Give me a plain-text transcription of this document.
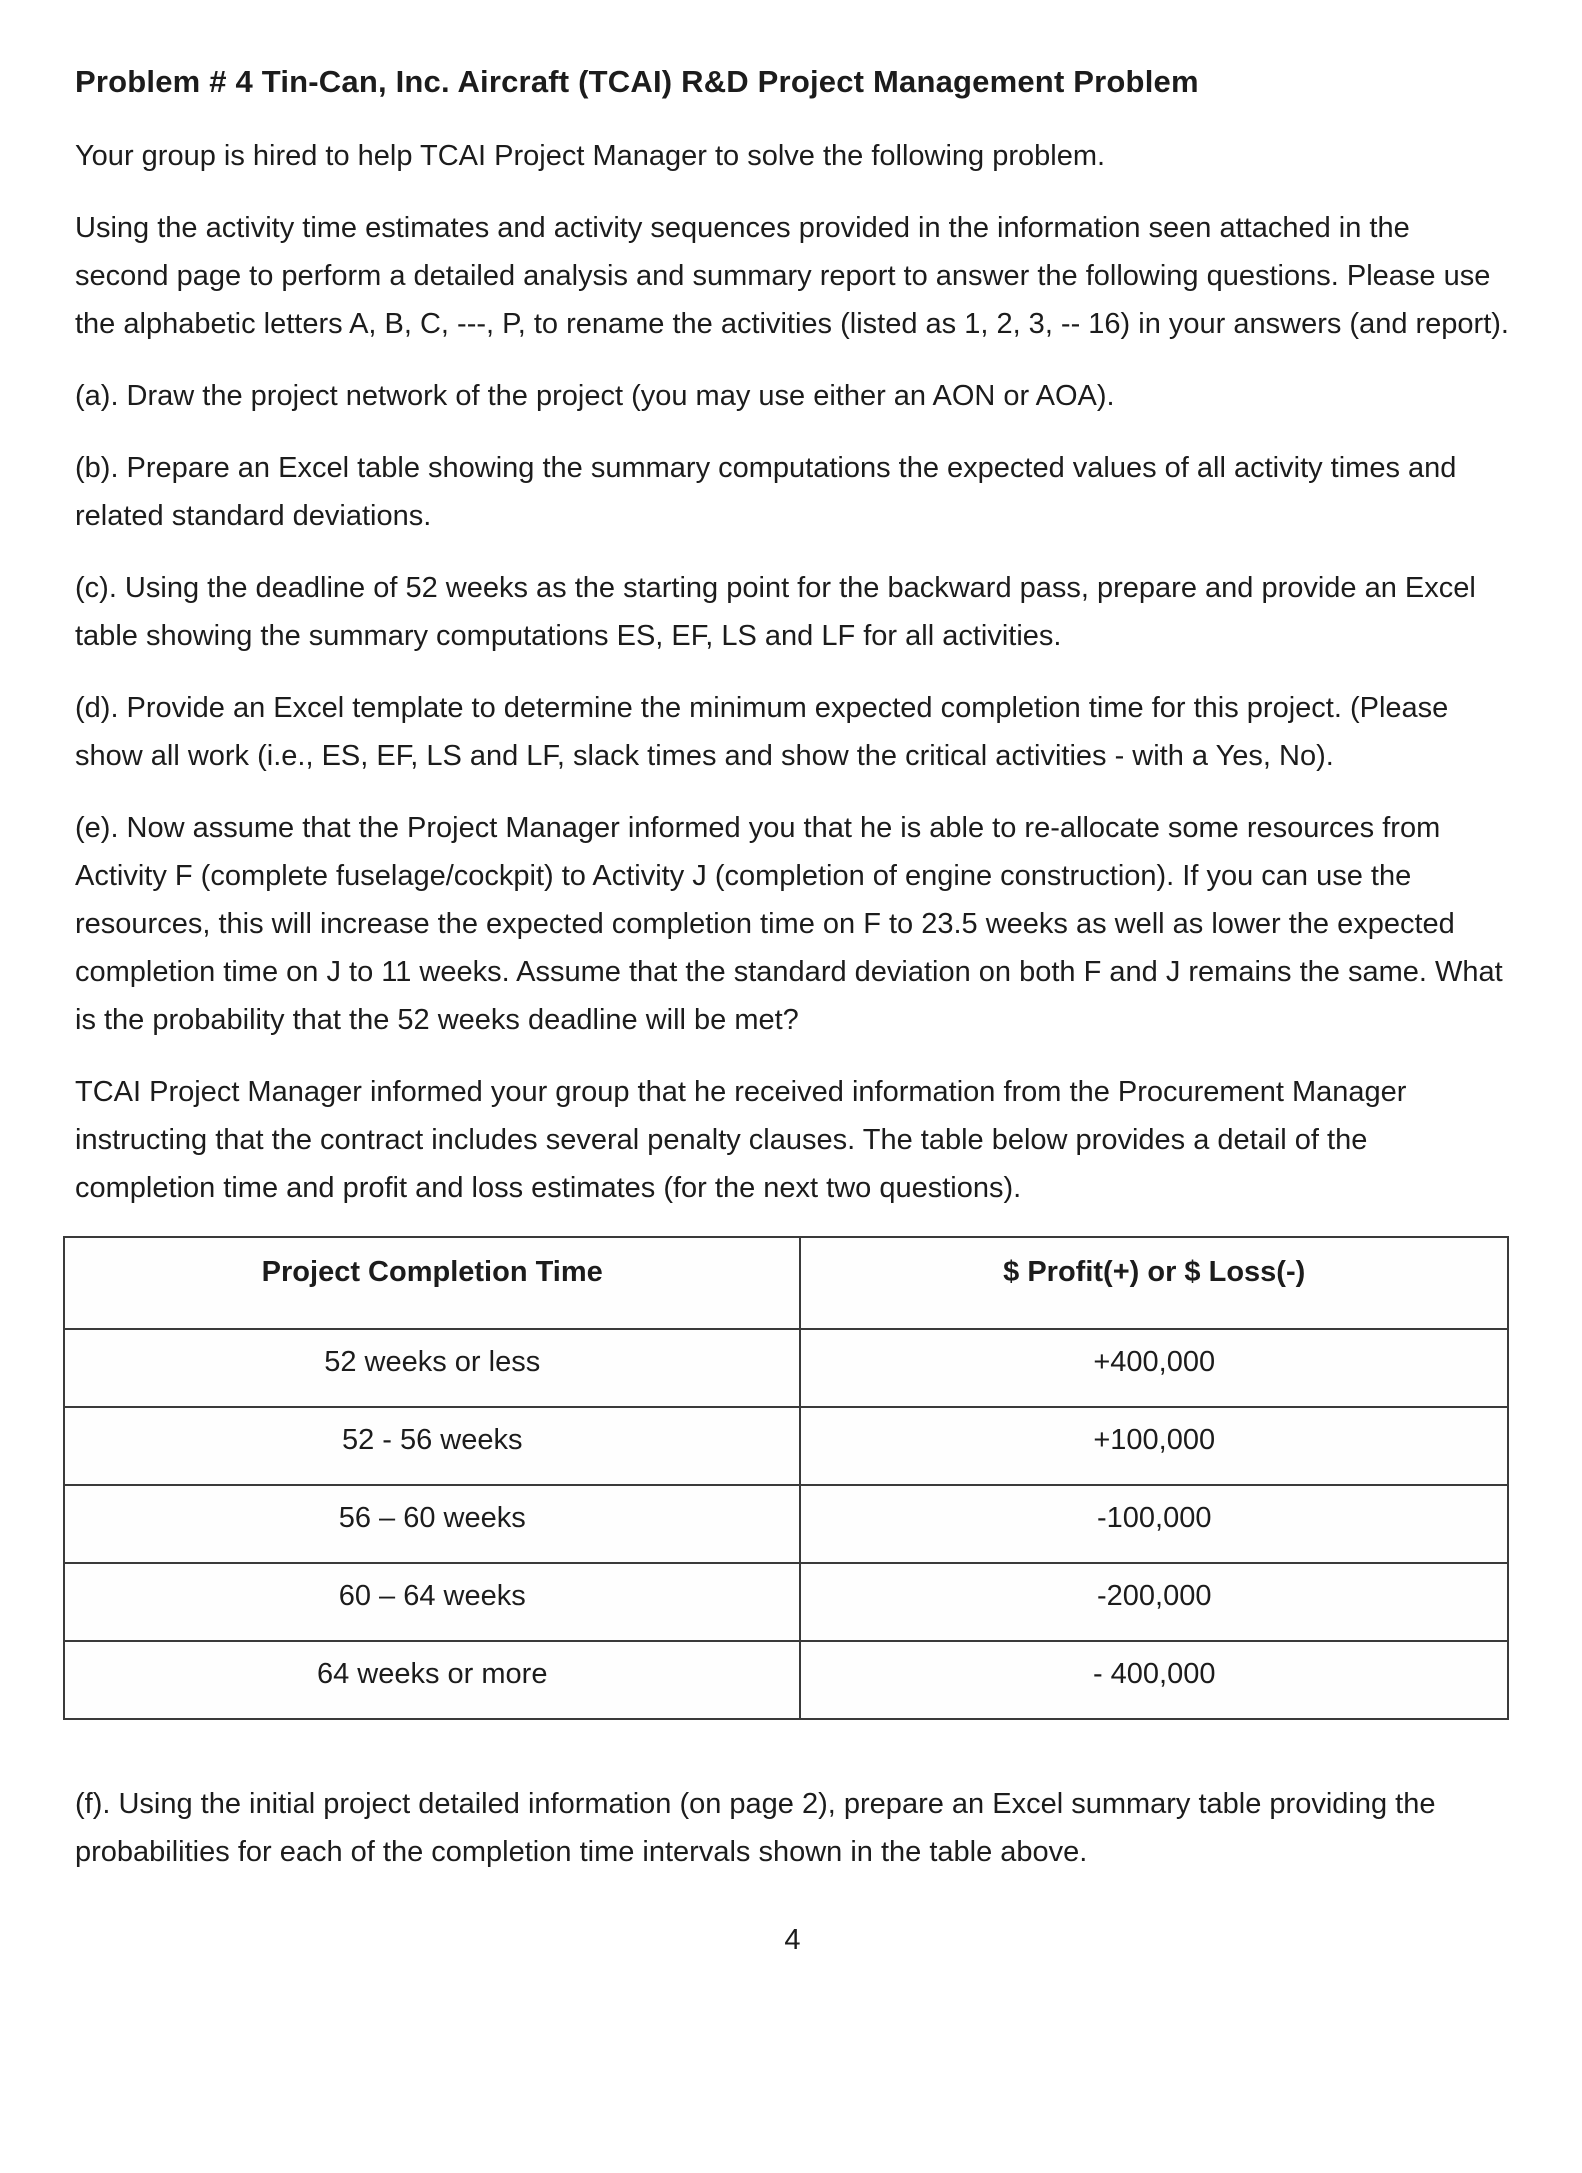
Problem # 4 Tin-Can, Inc. Aircraft (TCAI) R&D Project Management Problem

Your group is hired to help TCAI Project Manager to solve the following problem.

Using the activity time estimates and activity sequences provided in the information seen attached in the second page to perform a detailed analysis and summary report to answer the following questions. Please use the alphabetic letters A, B, C, ---, P, to rename the activities (listed as 1, 2, 3, -- 16) in your answers (and report).

(a). Draw the project network of the project (you may use either an AON or AOA).

(b). Prepare an Excel table showing the summary computations the expected values of all activity times and related standard deviations.

(c). Using the deadline of 52 weeks as the starting point for the backward pass, prepare and provide an Excel table showing the summary computations ES, EF, LS and LF for all activities.

(d). Provide an Excel template to determine the minimum expected completion time for this project. (Please show all work (i.e., ES, EF, LS and LF, slack times and show the critical activities - with a Yes, No).

(e). Now assume that the Project Manager informed you that he is able to re-allocate some resources from Activity F (complete fuselage/cockpit) to Activity J (completion of engine construction). If you can use the resources, this will increase the expected completion time on F to 23.5 weeks as well as lower the expected completion time on J to 11 weeks. Assume that the standard deviation on both F and J remains the same. What is the probability that the 52 weeks deadline will be met?

TCAI Project Manager informed your group that he received information from the Procurement Manager instructing that the contract includes several penalty clauses. The table below provides a detail of the completion time and profit and loss estimates (for the next two questions).

Project Completion Time	$ Profit(+) or $ Loss(-)
52 weeks or less	+400,000
52 - 56 weeks	+100,000
56 – 60 weeks	-100,000
60 – 64 weeks	-200,000
64 weeks or more	- 400,000

(f). Using the initial project detailed information (on page 2), prepare an Excel summary table providing the probabilities for each of the completion time intervals shown in the table above.

4
